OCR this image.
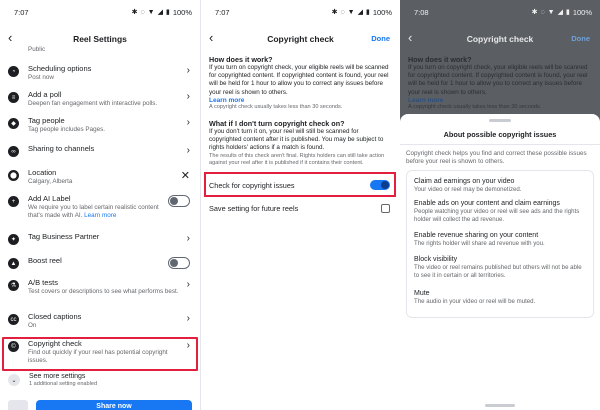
7:07	✱ ◌ ▼ ◢ ▮ 100%
‹	Reel Settings
Public
◔	Scheduling options
Post now
›
≡	Add a poll
Deepen fan engagement with interactive polls.
›
◆	Tag people
Tag people includes Pages.
›
∞	Sharing to channels	›
⬤ Location
Calgary, Alberta	✕
+	Add AI Label
We require you to label certain realistic content that's made with AI. Learn more
✦	Tag Business Partner	›
▲	Boost reel
⚗	A/B tests
Test covers or descriptions to see what performs best.
›
cc	Closed captions
On
›
©	Copyright check
Find out quickly if your reel has potential copyright issues.
›
⌄
See more settings
1 additional setting enabled
Share now
7:07	✱ ◌ ▼ ◢ ▮ 100%
‹	Copyright check	Done
How does it work?
If you turn on copyright check, your eligible reels will be scanned for copyrighted content. If copyrighted content is found, your reel will be held for 1 hour to allow you to correct any issues before your reel is shown to others.
Learn more
A copyright check usually takes less than 30 seconds.
What if I don't turn copyright check on?
If you don't turn it on, your reel will still be scanned for copyrighted content after it is published. You may be subject to rights holders' actions if a match is found.
The results of this check aren't final. Rights holders can still take action against your reel after it is published if it contains their content.
Check for copyright issues
Save setting for future reels
7:08	✱ ◌ ▼ ◢ ▮ 100%
‹	Copyright check	Done
How does it work?
If you turn on copyright check, your eligible reels will be scanned for copyrighted content. If copyrighted content is found, your reel will be held for 1 hour to allow you to correct any issues before your reel is shown to others.
Learn more
A copyright check usually takes less than 30 seconds.
About possible copyright issues
Copyright check helps you find and correct these possible issues before your reel is shown to others.
Claim ad earnings on your video
Your video or reel may be demonetized.
Enable ads on your content and claim earnings
People watching your video or reel will see ads and the rights holder will collect the ad revenue.
Enable revenue sharing on your content
The rights holder will share ad revenue with you.
Block visibility
The video or reel remains published but others will not be able to see it in certain or all territories.
Mute
The audio in your video or reel will be muted.
